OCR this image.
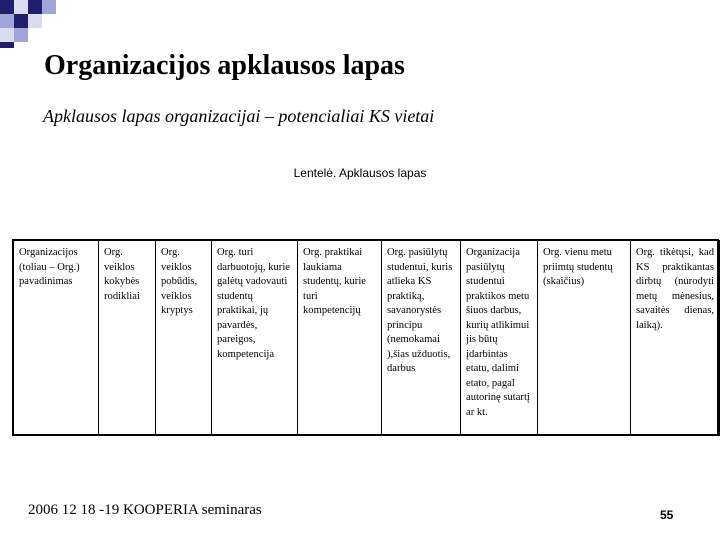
Organizacijos apklausos lapas
Apklausos lapas organizacijai – potencialiai KS vietai
Lentelė. Apklausos lapas
Organizacijos (toliau – Org.) pavadinimas	Org. veiklos kokybės rodikliai	Org. veiklos pobūdis, veiklos kryptys	Org. turi darbuotojų, kurie galėtų vadovauti studentų praktikai, jų pavardės, pareigos, kompetencija	Org. praktikai laukiama studentų, kurie turi kompetencijų	Org. pasiūlytų studentui, kuris atlieka KS praktiką, savanorystės principu (nemokamai ),šias užduotis, darbus	Organizacija pasiūlytų studentui praktikos metu šiuos darbus, kurių atlikimui jis būtų įdarbintas etatu, dalimi etato, pagal autorinę sutartį ar kt.	Org. vienu metu priimtų studentų (skaičius)	Org. tikėtųsi, kad KS praktikantas dirbtų (nurodyti metų mėnesius, savaitės dienas, laiką).
2006 12 18 -19 KOOPERIA seminaras	55
